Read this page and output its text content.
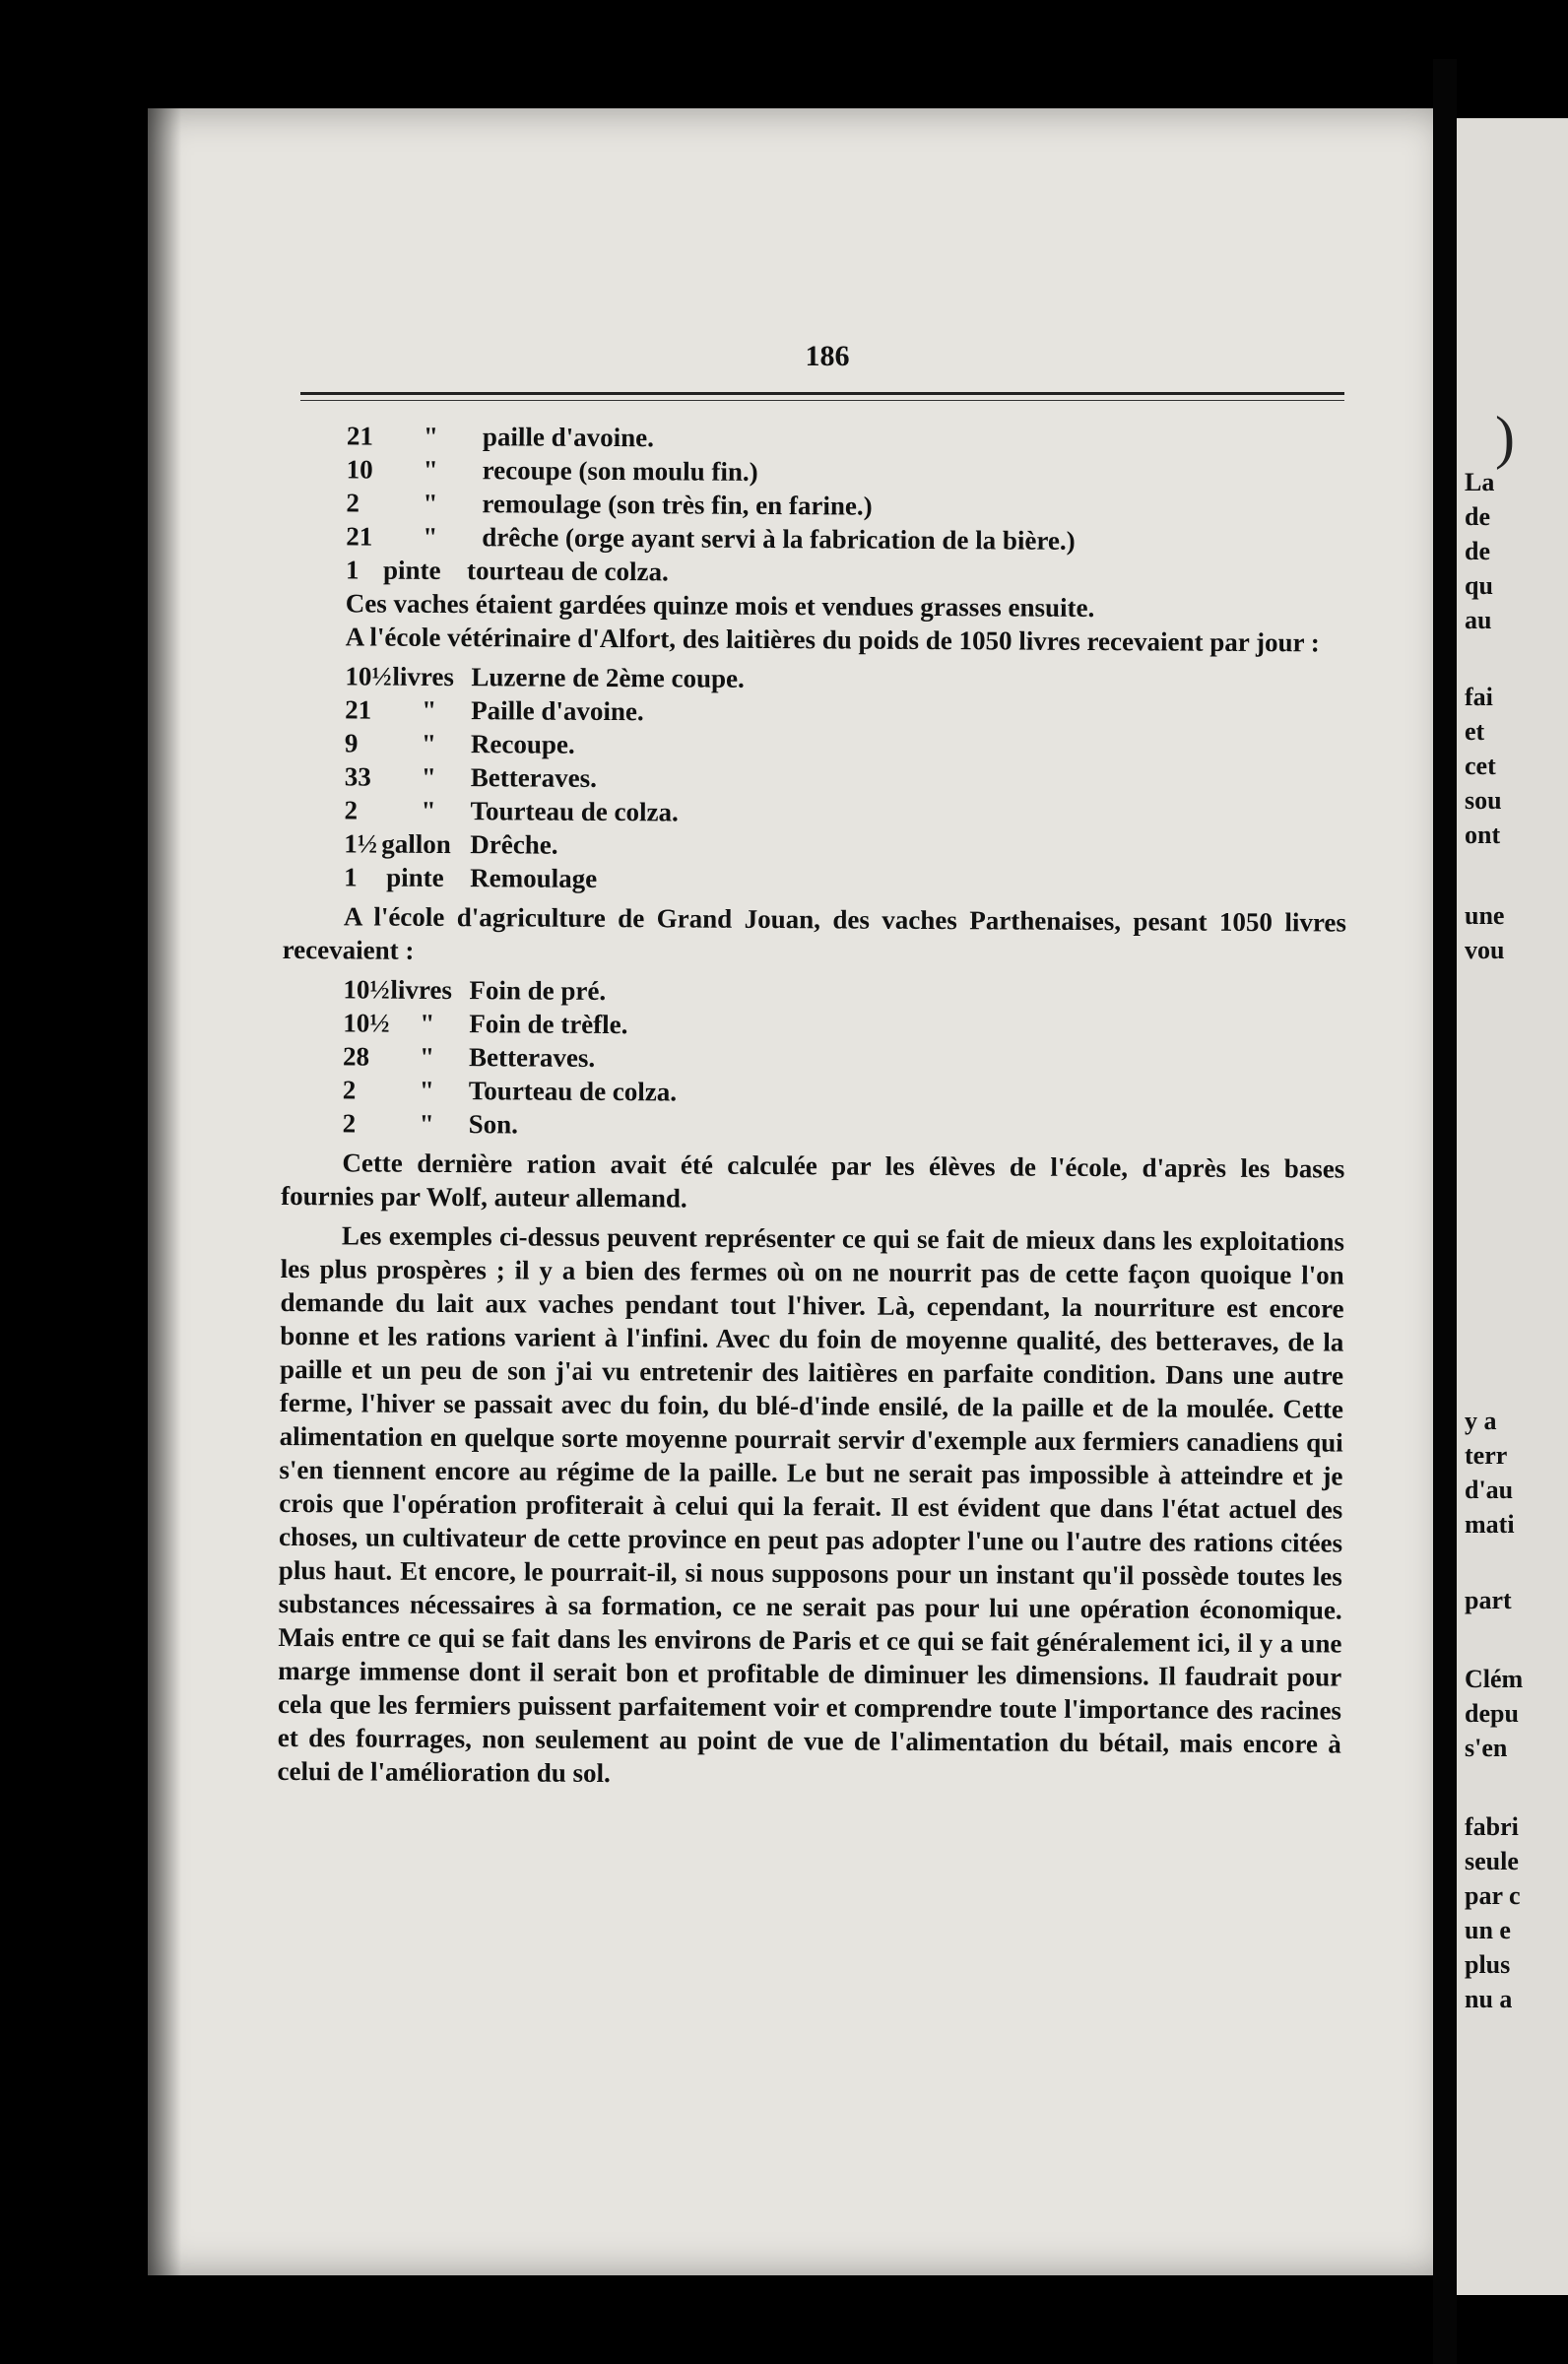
La
de
de
qu
au
fai
et
cet
sou
ont
une
vou
y a
terr
d'au
mati
part
Clém
depu
s'en
fabri
seule
par c
un e
plus
nu a
)
186
21 " paille d'avoine.
10 " recoupe (son moulu fin.)
2 " remoulage (son très fin, en farine.)
21 " drêche (orge ayant servi à la fabrication de la bière.)
1 pinte tourteau de colza.

Ces vaches étaient gardées quinze mois et vendues grasses ensuite.

A l'école vétérinaire d'Alfort, des laitières du poids de 1050 livres recevaient par jour :

10½ livres Luzerne de 2ème coupe.
21 " Paille d'avoine.
9 " Recoupe.
33 " Betteraves.
2 " Tourteau de colza.
1½ gallon Drêche.
1 pinte Remoulage

A l'école d'agriculture de Grand Jouan, des vaches Parthenaises, pesant 1050 livres recevaient :

10½ livres Foin de pré.
10½ " Foin de trèfle.
28 " Betteraves.
2 " Tourteau de colza.
2 " Son.

Cette dernière ration avait été calculée par les élèves de l'école, d'après les bases fournies par Wolf, auteur allemand.

Les exemples ci-dessus peuvent représenter ce qui se fait de mieux dans les exploitations les plus prospères ; il y a bien des fermes où on ne nourrit pas de cette façon quoique l'on demande du lait aux vaches pendant tout l'hiver. Là, cependant, la nourriture est encore bonne et les rations varient à l'infini. Avec du foin de moyenne qualité, des betteraves, de la paille et un peu de son j'ai vu entretenir des laitières en parfaite condition. Dans une autre ferme, l'hiver se passait avec du foin, du blé-d'inde ensilé, de la paille et de la moulée. Cette alimentation en quelque sorte moyenne pourrait servir d'exemple aux fermiers canadiens qui s'en tiennent encore au régime de la paille. Le but ne serait pas impossible à atteindre et je crois que l'opération profiterait à celui qui la ferait. Il est évident que dans l'état actuel des choses, un cultivateur de cette province en peut pas adopter l'une ou l'autre des rations citées plus haut. Et encore, le pourrait-il, si nous supposons pour un instant qu'il possède toutes les substances nécessaires à sa formation, ce ne serait pas pour lui une opération économique. Mais entre ce qui se fait dans les environs de Paris et ce qui se fait généralement ici, il y a une marge immense dont il serait bon et profitable de diminuer les dimensions. Il faudrait pour cela que les fermiers puissent parfaitement voir et comprendre toute l'importance des racines et des fourrages, non seulement au point de vue de l'alimentation du bétail, mais encore à celui de l'amélioration du sol.
